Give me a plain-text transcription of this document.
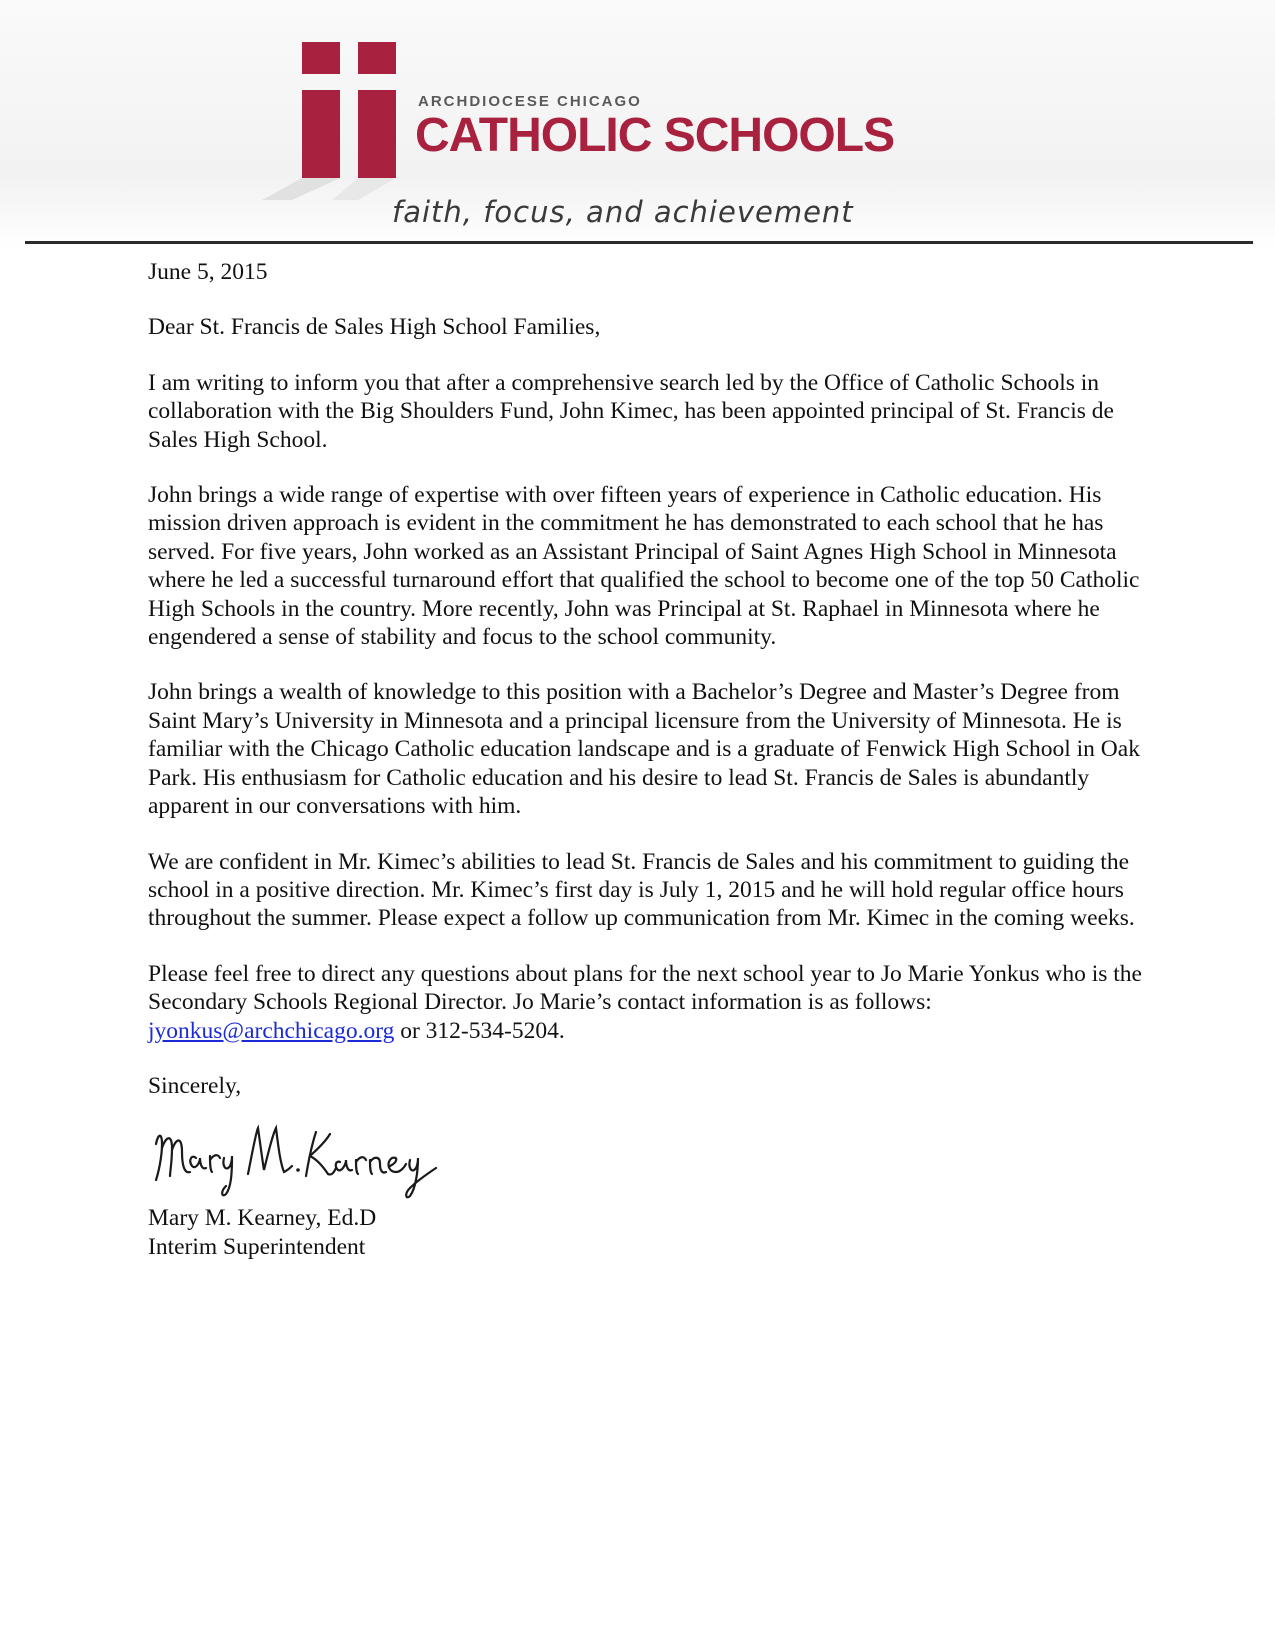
ARCHDIOCESE CHICAGO
CATHOLIC SCHOOLS
faith, focus, and achievement

June 5, 2015

Dear St. Francis de Sales High School Families,

I am writing to inform you that after a comprehensive search led by the Office of Catholic Schools in collaboration with the Big Shoulders Fund, John Kimec, has been appointed principal of St. Francis de Sales High School.

John brings a wide range of expertise with over fifteen years of experience in Catholic education. His mission driven approach is evident in the commitment he has demonstrated to each school that he has served. For five years, John worked as an Assistant Principal of Saint Agnes High School in Minnesota where he led a successful turnaround effort that qualified the school to become one of the top 50 Catholic High Schools in the country. More recently, John was Principal at St. Raphael in Minnesota where he engendered a sense of stability and focus to the school community.

John brings a wealth of knowledge to this position with a Bachelor’s Degree and Master’s Degree from Saint Mary’s University in Minnesota and a principal licensure from the University of Minnesota. He is familiar with the Chicago Catholic education landscape and is a graduate of Fenwick High School in Oak Park. His enthusiasm for Catholic education and his desire to lead St. Francis de Sales is abundantly apparent in our conversations with him.

We are confident in Mr. Kimec’s abilities to lead St. Francis de Sales and his commitment to guiding the school in a positive direction. Mr. Kimec’s first day is July 1, 2015 and he will hold regular office hours throughout the summer. Please expect a follow up communication from Mr. Kimec in the coming weeks.

Please feel free to direct any questions about plans for the next school year to Jo Marie Yonkus who is the Secondary Schools Regional Director. Jo Marie’s contact information is as follows: jyonkus@archchicago.org or 312-534-5204.

Sincerely,

Mary M. Kearney, Ed.D

Interim Superintendent
